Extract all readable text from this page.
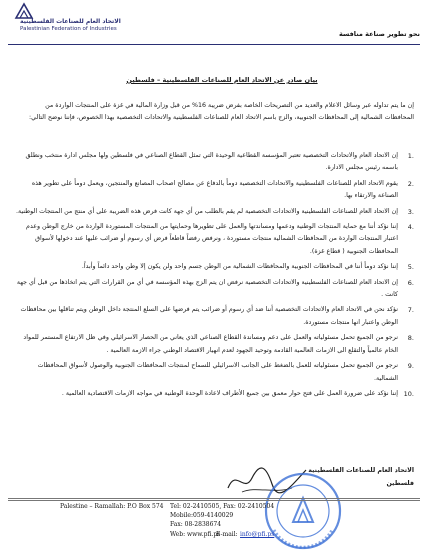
الاتحاد العام للصناعات الفلسطينية
Palestinian Federation of Industries
نحو تطوير صناعة منافسة
بيان صادر عن الاتحاد العام للصناعات الفلسطينية – فلسطين
إن ما يتم تداوله عبر وسائل الاعلام والعديد من التصريحات الخاصة بفرض ضريبة 16% من قبل وزارة المالية في غزة على المنتجات الواردة من المحافظات الشمالية إلى المحافظات الجنوبية، والزج باسم الاتحاد العام للصناعات الفلسطينية والاتحادات التخصصية بهذا الخصوص، فإننا نوضح التالي:
.1
إن الاتحاد العام والاتحادات التخصصية تعتبر المؤسسة القطاعية الوحيدة التي تمثل القطاع الصناعي في فلسطين ولها مجلس ادارة منتخب ونطلق باسمه رئيس مجلس الادارة.
.2
يقوم الاتحاد العام للصناعات الفلسطينية والاتحادات التخصصية دوماً بالدفاع عن مصالح اصحاب المصانع والمنتجين، ويعمل دوماً على تطوير هذه الصناعة والارتقاء بها.
.3
إن الاتحاد العام للصناعات الفلسطينية والاتحادات التخصصية لم يقم بالطلب من أي جهة كانت فرض هذه الضريبة على أي منتج من المنتجات الوطنية.
.4
إننا نؤكد أننا مع حماية المنتجات الوطنية ودعمها ومساندتها والعمل على تطويرها وحمايتها من المنتجات المستوردة الواردة من خارج الوطن وعدم اعتبار المنتجات الواردة من المحافظات الشمالية منتجات مستوردة ، ونرفض رفضاً قاطعاً فرض أي رسوم أو ضرائب عليها عند دخولها لأسواق المحافظات الجنوبية ( قطاع غزة).
.5
إننا نؤكد دوماً أننا في المحافظات الجنوبية والمحافظات الشمالية من الوطن جسم واحد ولن يكون إلا وطن واحد دائماً وأبداً.
.6
إن الاتحاد العام للصناعات الفلسطينية والاتحادات التخصصية نرفض ان يتم الزج بهذه المؤسسة في أي من القرارات التي يتم اتخاذها من قبل أي جهة كانت .
.7
نؤكد نحن في الاتحاد العام والاتحادات التخصصية أننا ضد أي رسوم أو ضرائب يتم فرضها على السلع المنتجة داخل الوطن ويتم تناقلها بين محافظات الوطن واعتبار انها منتجات مستوردة.
.8
نرجو من الجميع تحمل مسئولياته والعمل على دعم ومساندة القطاع الصناعي الذي يعاني من الحصار الاسرائيلي وفي ظل الارتفاع المستمر للمواد الخام عالمياً والتقلع الى الازمات العالمية القادمة وتوحيد الجهود لعدم انهيار الاقتصاد الوطني جراء الازمة العالمية .
.9
نرجو من الجميع تحمل مسئولياته للعمل بالضغط على الجانب الاسرائيلي للسماح لمنتجات المحافظات الجنوبية والوصول لأسواق المحافظات الشمالية.
.10
إننا نؤكد على ضرورة العمل على فتح حوار معمق بين جميع الأطراف لاعادة الوحدة الوطنية في مواجه الازمات الاقتصادية العالمية .
الاتحاد العام للصناعات الفلسطينية
فلسطين
Palestine – Ramallah: P.O Box 574 Tel: 02-2410505, Fax: 02-2410504
Mobile:059-4140029
Fax: 08-2838674
Web: www.pfi.ps
E-mail: info@pfi.ps
